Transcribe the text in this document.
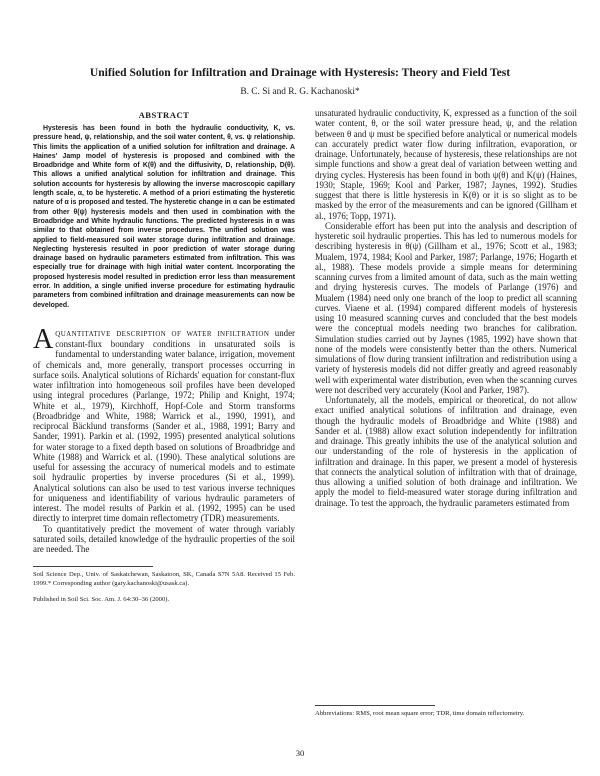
Unified Solution for Infiltration and Drainage with Hysteresis: Theory and Field Test
B. C. Si and R. G. Kachanoski*
ABSTRACT

Hysteresis has been found in both the hydraulic conductivity, K, vs. pressure head, ψ, relationship, and the soil water content, θ, vs. ψ relationship. This limits the application of a unified solution for infiltration and drainage. A Haines' Jamp model of hysteresis is proposed and combined with the Broadbridge and White form of K(θ) and the diffusivity, D, relationship, D(θ). This allows a unified analytical solution for infiltration and drainage. This solution accounts for hysteresis by allowing the inverse macroscopic capillary length scale, α, to be hysteretic. A method of a priori estimating the hysteretic nature of α is proposed and tested. The hysteretic change in α can be estimated from other θ(ψ) hysteresis models and then used in combination with the Broadbridge and White hydraulic functions. The predicted hysteresis in α was similar to that obtained from inverse procedures. The unified solution was applied to field-measured soil water storage during infiltration and drainage. Neglecting hysteresis resulted in poor prediction of water storage during drainage based on hydraulic parameters estimated from infiltration. This was especially true for drainage with high initial water content. Incorporating the proposed hysteresis model resulted in prediction error less than measurement error. In addition, a single unified inverse procedure for estimating hydraulic parameters from combined infiltration and drainage measurements can now be developed.

AQUANTITATIVE DESCRIPTION OF WATER INFILTRATION under constant-flux boundary conditions in unsaturated soils is fundamental to understanding water balance, irrigation, movement of chemicals and, more generally, transport processes occurring in surface soils. Analytical solutions of Richards' equation for constant-flux water infiltration into homogeneous soil profiles have been developed using integral procedures (Parlange, 1972; Philip and Knight, 1974; White et al., 1979), Kirchhoff, Hopf-Cole and Storm transforms (Broadbridge and White, 1988; Warrick et al., 1990, 1991), and reciprocal Bäcklund transforms (Sander et al., 1988, 1991; Barry and Sander, 1991). Parkin et al. (1992, 1995) presented analytical solutions for water storage to a fixed depth based on solutions of Broadbridge and White (1988) and Warrick et al. (1990). These analytical solutions are useful for assessing the accuracy of numerical models and to estimate soil hydraulic properties by inverse procedures (Si et al., 1999). Analytical solutions can also be used to test various inverse techniques for uniqueness and identifiability of various hydraulic parameters of interest. The model results of Parkin et al. (1992, 1995) can be used directly to interpret time domain reflectometry (TDR) measurements.

To quantitatively predict the movement of water through variably saturated soils, detailed knowledge of the hydraulic properties of the soil are needed. The

Soil Science Dep., Univ. of Saskatchewan, Saskatoon, SK, Canada S7N 5A8. Received 15 Feb. 1999.* Corresponding author (gary.kachanoski@usask.ca).

Published in Soil Sci. Soc. Am. J. 64:30–36 (2000).

unsaturated hydraulic conductivity, K, expressed as a function of the soil water content, θ, or the soil water pressure head, ψ, and the relation between θ and ψ must be specified before analytical or numerical models can accurately predict water flow during infiltration, evaporation, or drainage. Unfortunately, because of hysteresis, these relationships are not simple functions and show a great deal of variation between wetting and drying cycles. Hysteresis has been found in both ψ(θ) and K(ψ) (Haines, 1930; Staple, 1969; Kool and Parker, 1987; Jaynes, 1992). Studies suggest that there is little hysteresis in K(θ) or it is so slight as to be masked by the error of the measurements and can be ignored (Gillham et al., 1976; Topp, 1971).

Considerable effort has been put into the analysis and description of hysteretic soil hydraulic properties. This has led to numerous models for describing hysteresis in θ(ψ) (Gillham et al., 1976; Scott et al., 1983; Mualem, 1974, 1984; Kool and Parker, 1987; Parlange, 1976; Hogarth et al., 1988). These models provide a simple means for determining scanning curves from a limited amount of data, such as the main wetting and drying hysteresis curves. The models of Parlange (1976) and Mualem (1984) need only one branch of the loop to predict all scanning curves. Viaene et al. (1994) compared different models of hysteresis using 10 measured scanning curves and concluded that the best models were the conceptual models needing two branches for calibration. Simulation studies carried out by Jaynes (1985, 1992) have shown that none of the models were consistently better than the others. Numerical simulations of flow during transient infiltration and redistribution using a variety of hysteresis models did not differ greatly and agreed reasonably well with experimental water distribution, even when the scanning curves were not described very accurately (Kool and Parker, 1987).

Unfortunately, all the models, empirical or theoretical, do not allow exact unified analytical solutions of infiltration and drainage, even though the hydraulic models of Broadbridge and White (1988) and Sander et al. (1988) allow exact solution independently for infiltration and drainage. This greatly inhibits the use of the analytical solution and our understanding of the role of hysteresis in the application of infiltration and drainage. In this paper, we present a model of hysteresis that connects the analytical solution of infiltration with that of drainage, thus allowing a unified solution of both drainage and infiltration. We apply the model to field-measured water storage during infiltration and drainage. To test the approach, the hydraulic parameters estimated from

Abbreviations: RMS, root mean square error; TDR, time domain reflectometry.
30
